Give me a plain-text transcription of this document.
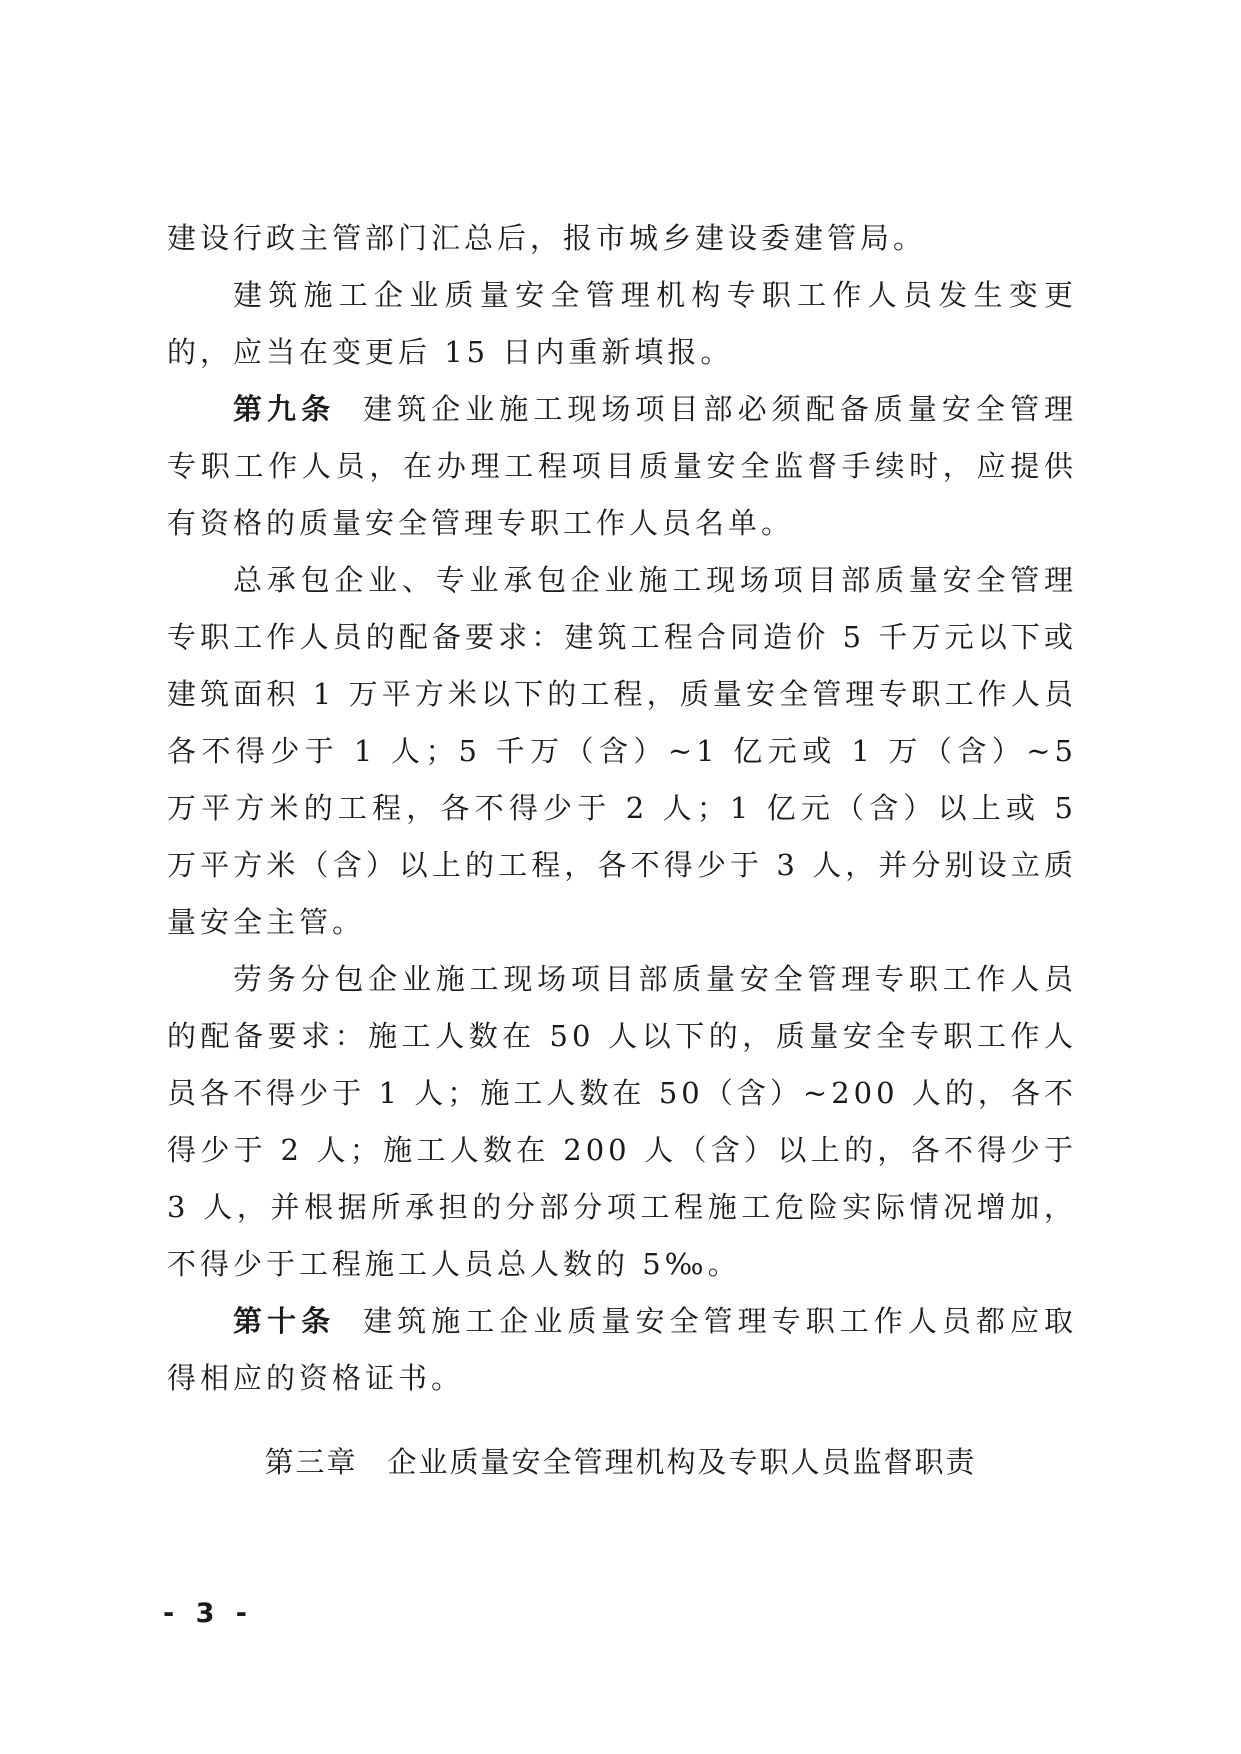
建设行政主管部门汇总后，报市城乡建设委建管局。

建筑施工企业质量安全管理机构专职工作人员发生变更的，应当在变更后 15 日内重新填报。

第九条 建筑企业施工现场项目部必须配备质量安全管理专职工作人员，在办理工程项目质量安全监督手续时，应提供有资格的质量安全管理专职工作人员名单。

总承包企业、专业承包企业施工现场项目部质量安全管理专职工作人员的配备要求：建筑工程合同造价 5 千万元以下或建筑面积 1 万平方米以下的工程，质量安全管理专职工作人员各不得少于 1 人；5 千万（含）~1 亿元或 1 万（含）~5 万平方米的工程，各不得少于 2 人；1 亿元（含）以上或 5 万平方米（含）以上的工程，各不得少于 3 人，并分别设立质量安全主管。

劳务分包企业施工现场项目部质量安全管理专职工作人员的配备要求：施工人数在 50 人以下的，质量安全专职工作人员各不得少于 1 人；施工人数在 50（含）~200 人的，各不得少于 2 人；施工人数在 200 人（含）以上的，各不得少于 3 人，并根据所承担的分部分项工程施工危险实际情况增加，不得少于工程施工人员总人数的 5‰。

第十条 建筑施工企业质量安全管理专职工作人员都应取得相应的资格证书。

第三章 企业质量安全管理机构及专职人员监督职责
- 3 -
